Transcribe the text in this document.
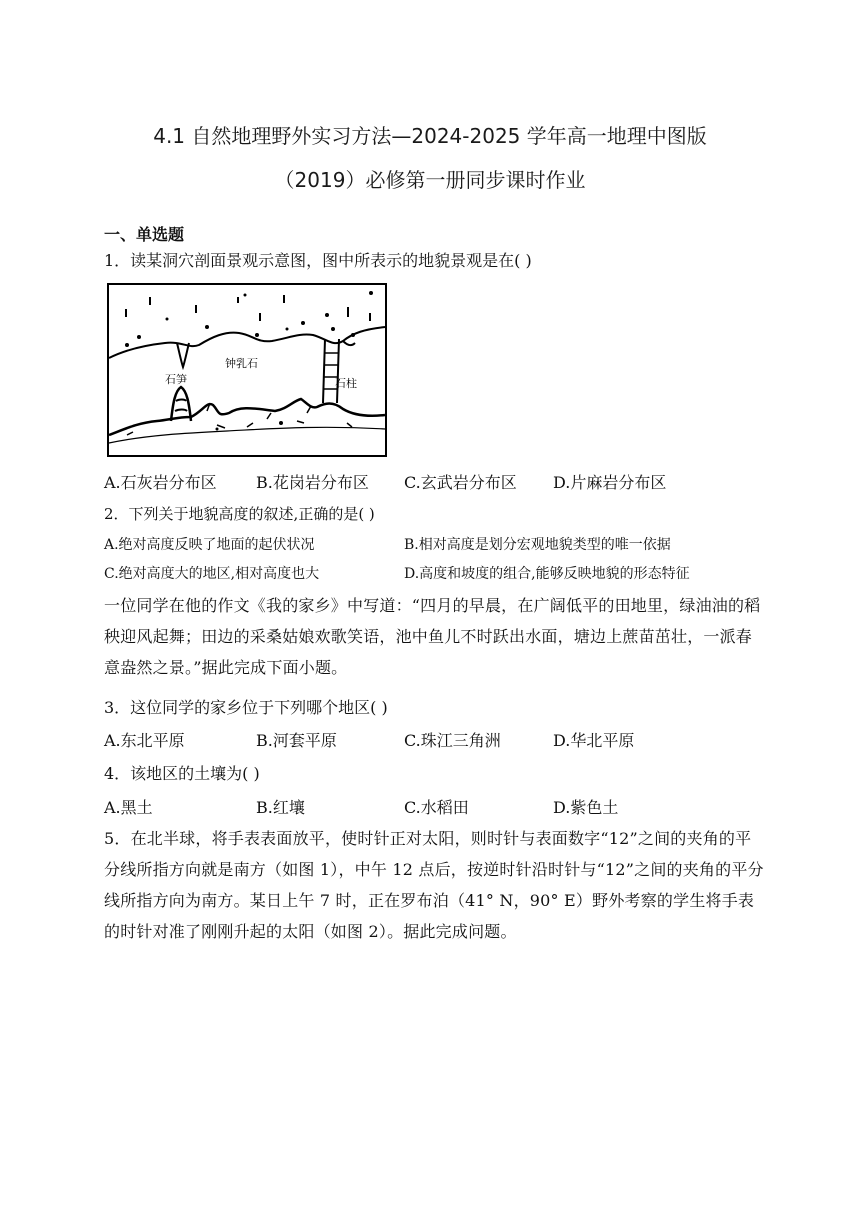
4.1 自然地理野外实习方法—2024-2025 学年高一地理中图版
（2019）必修第一册同步课时作业
一、单选题
1．读某洞穴剖面景观示意图，图中所表示的地貌景观是在( )
钟乳石
石笋	石柱
A.石灰岩分布区 B.花岗岩分布区 C.玄武岩分布区 D.片麻岩分布区
2．下列关于地貌高度的叙述,正确的是( )
A.绝对高度反映了地面的起伏状况	B.相对高度是划分宏观地貌类型的唯一依据
C.绝对高度大的地区,相对高度也大	D.高度和坡度的组合,能够反映地貌的形态特征
一位同学在他的作文《我的家乡》中写道：“四月的早晨，在广阔低平的田地里，绿油油的稻秧迎风起舞；田边的采桑姑娘欢歌笑语，池中鱼儿不时跃出水面，塘边上蔗苗茁壮，一派春意盎然之景。”据此完成下面小题。
3．这位同学的家乡位于下列哪个地区( )
A.东北平原	B.河套平原	C.珠江三角洲	D.华北平原
4．该地区的土壤为( )
A.黑土	B.红壤	C.水稻田	D.紫色土
5．在北半球，将手表表面放平，使时针正对太阳，则时针与表面数字“12”之间的夹角的平分线所指方向就是南方（如图 1），中午 12 点后，按逆时针沿时针与“12”之间的夹角的平分线所指方向为南方。某日上午 7 时，正在罗布泊（41° N，90° E）野外考察的学生将手表的时针对准了刚刚升起的太阳（如图 2）。据此完成问题。
